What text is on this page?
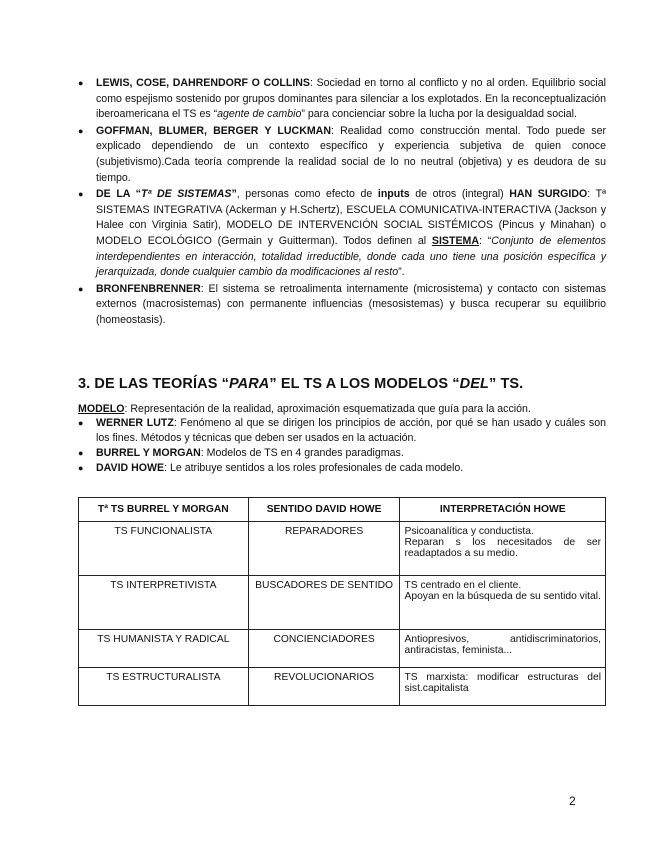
● LEWIS, COSE, DAHRENDORF O COLLINS: Sociedad en torno al conflicto y no al orden. Equilibrio social como espejismo sostenido por grupos dominantes para silenciar a los explotados. En la reconceptualización iberoamericana el TS es “agente de cambio” para concienciar sobre la lucha por la desigualdad social.
● GOFFMAN, BLUMER, BERGER Y LUCKMAN: Realidad como construcción mental. Todo puede ser explicado dependiendo de un contexto específico y experiencia subjetiva de quien conoce (subjetivismo).Cada teoría comprende la realidad social de lo no neutral (objetiva) y es deudora de su tiempo.
● DE LA “Tª DE SISTEMAS”, personas como efecto de inputs de otros (integral) HAN SURGIDO: Tª SISTEMAS INTEGRATIVA (Ackerman y H.Schertz), ESCUELA COMUNICATIVA-INTERACTIVA (Jackson y Halee con Virginia Satir), MODELO DE INTERVENCIÓN SOCIAL SISTÉMICOS (Pincus y Minahan) o MODELO ECOLÓGICO (Germain y Guitterman). Todos definen al SISTEMA: “Conjunto de elementos interdependientes en interacción, totalidad irreductible, donde cada uno tiene una posición específica y jerarquizada, donde cualquier cambio da modificaciones al resto”.
● BRONFENBRENNER: El sistema se retroalimenta internamente (microsistema) y contacto con sistemas externos (macrosistemas) con permanente influencias (mesosistemas) y busca recuperar su equilibrio (homeostasis).
3. DE LAS TEORÍAS “PARA” EL TS A LOS MODELOS “DEL” TS.
MODELO: Representación de la realidad, aproximación esquematizada que guía para la acción.
● WERNER LUTZ: Fenómeno al que se dirigen los principios de acción, por qué se han usado y cuáles son los fines. Métodos y técnicas que deben ser usados en la actuación.
● BURREL Y MORGAN: Modelos de TS en 4 grandes paradigmas.
● DAVID HOWE: Le atribuye sentidos a los roles profesionales de cada modelo.
Tª TS BURREL Y MORGAN	SENTIDO DAVID HOWE	INTERPRETACIÓN HOWE
TS FUNCIONALISTA	REPARADORES	Psicoanalítica y conductista.
Reparan s los necesitados de ser readaptados a su medio.

TS INTERPRETIVISTA	BUSCADORES DE SENTIDO	TS centrado en el cliente.
Apoyan en la búsqueda de su sentido vital.

TS HUMANISTA Y RADICAL	CONCIENCIADORES	Antiopresivos, antidiscriminatorios, antiracistas, feminista...

TS ESTRUCTURALISTA	REVOLUCIONARIOS	TS marxista: modificar estructuras del sist.capitalista
2
